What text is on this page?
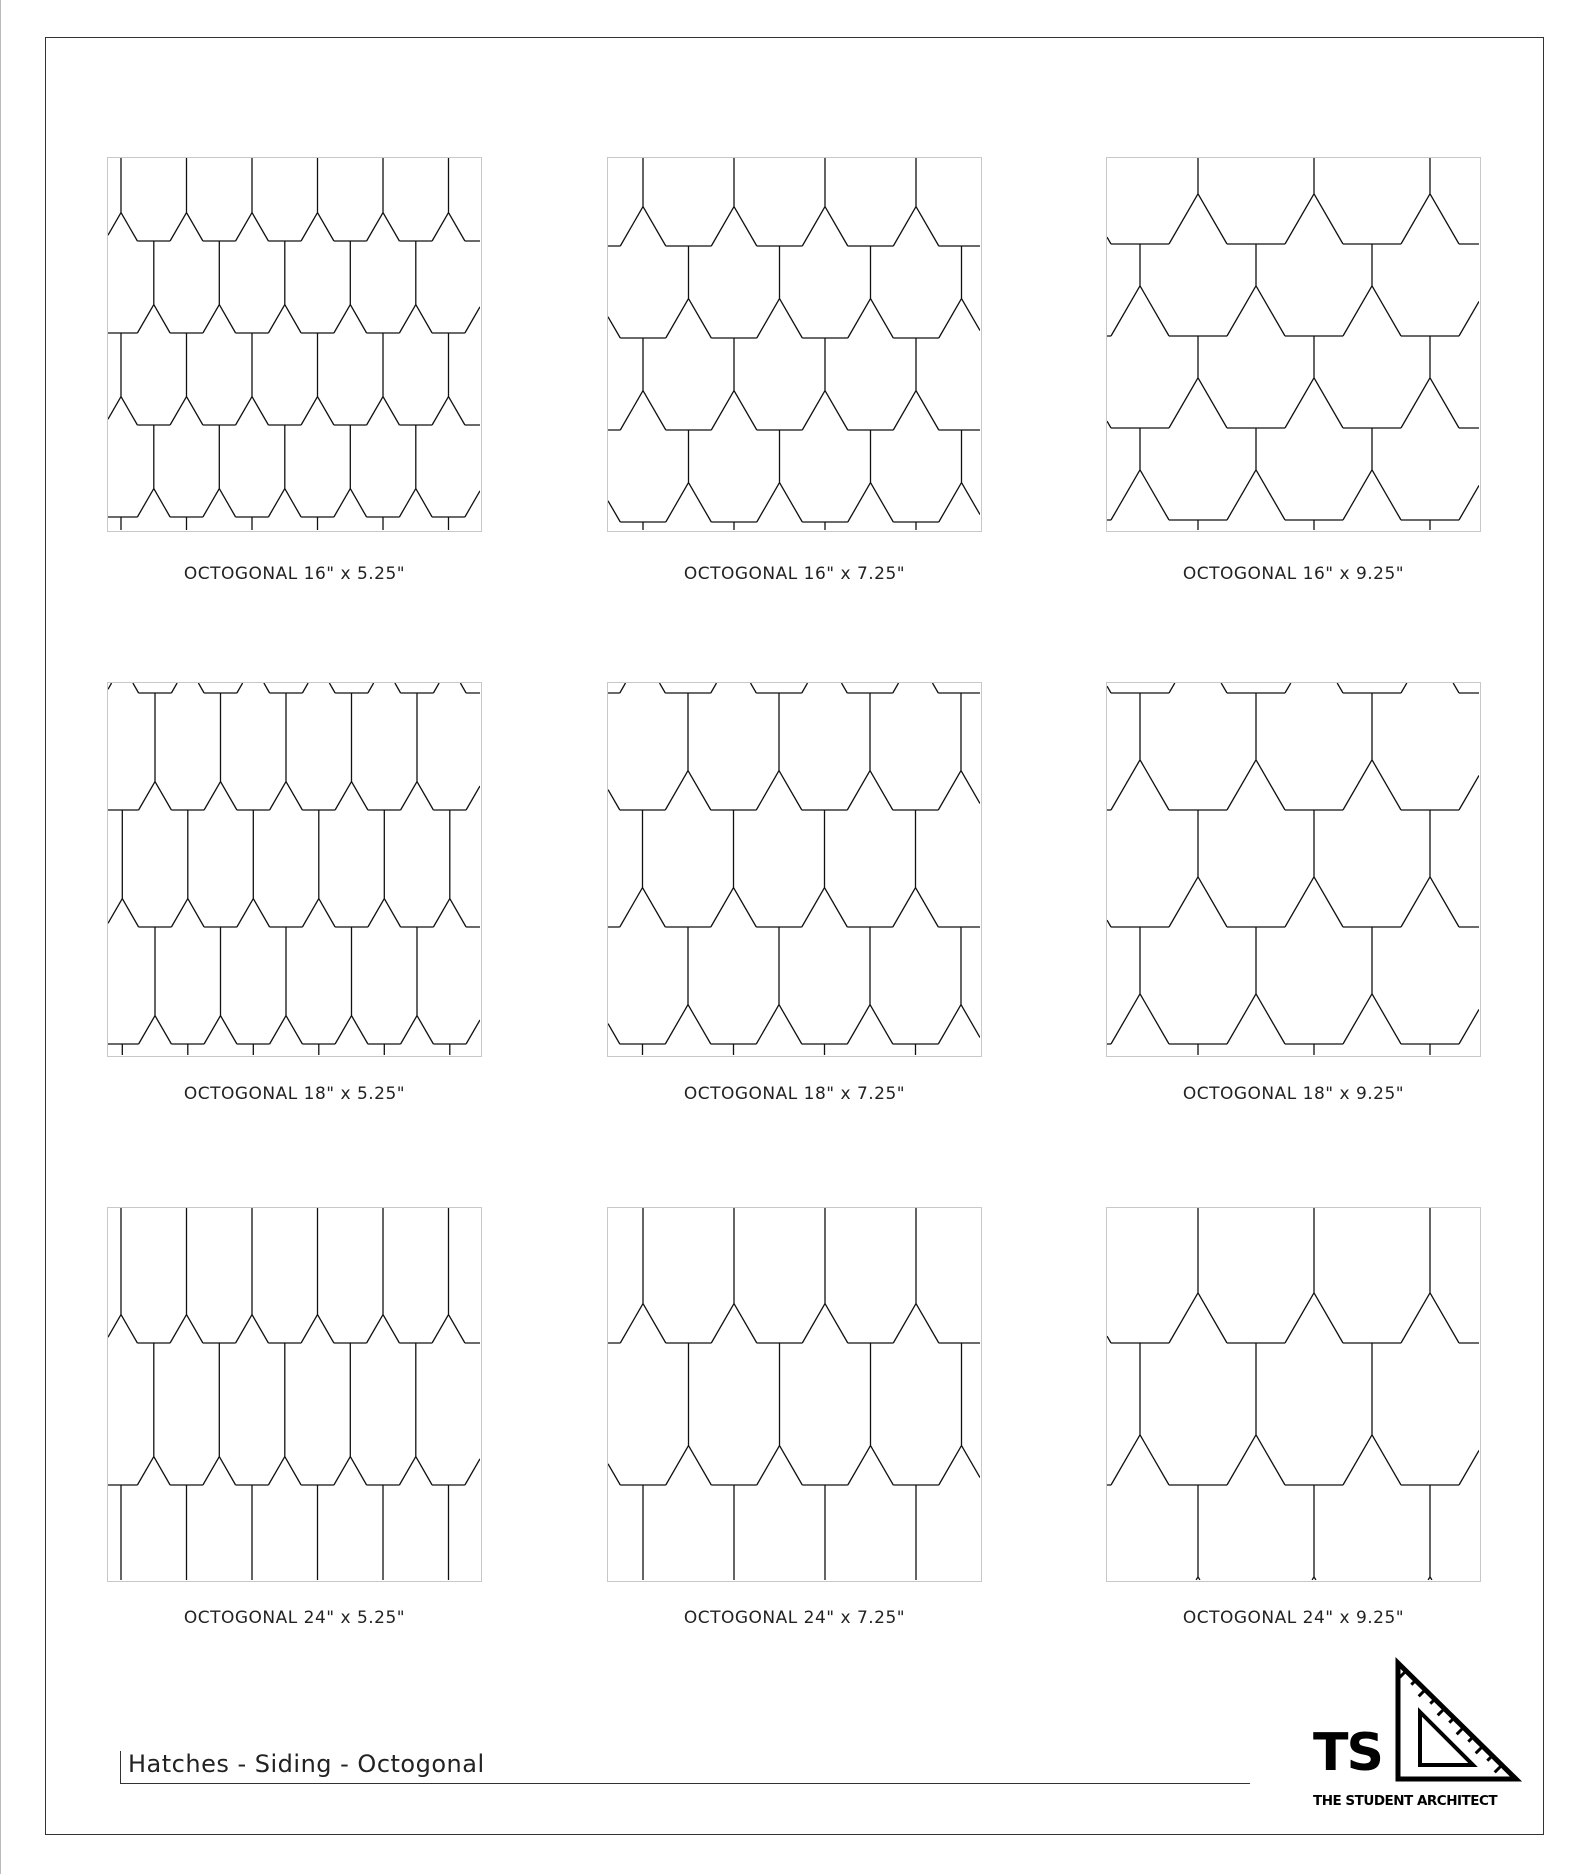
OCTOGONAL 16" x 5.25"	OCTOGONAL 16" x 7.25"	OCTOGONAL 16" x 9.25"
OCTOGONAL 18" x 5.25"	OCTOGONAL 18" x 7.25"	OCTOGONAL 18" x 9.25"
OCTOGONAL 24" x 5.25"	OCTOGONAL 24" x 7.25"	OCTOGONAL 24" x 9.25"
Hatches - Siding - Octogonal	TS
THE STUDENT ARCHITECT
